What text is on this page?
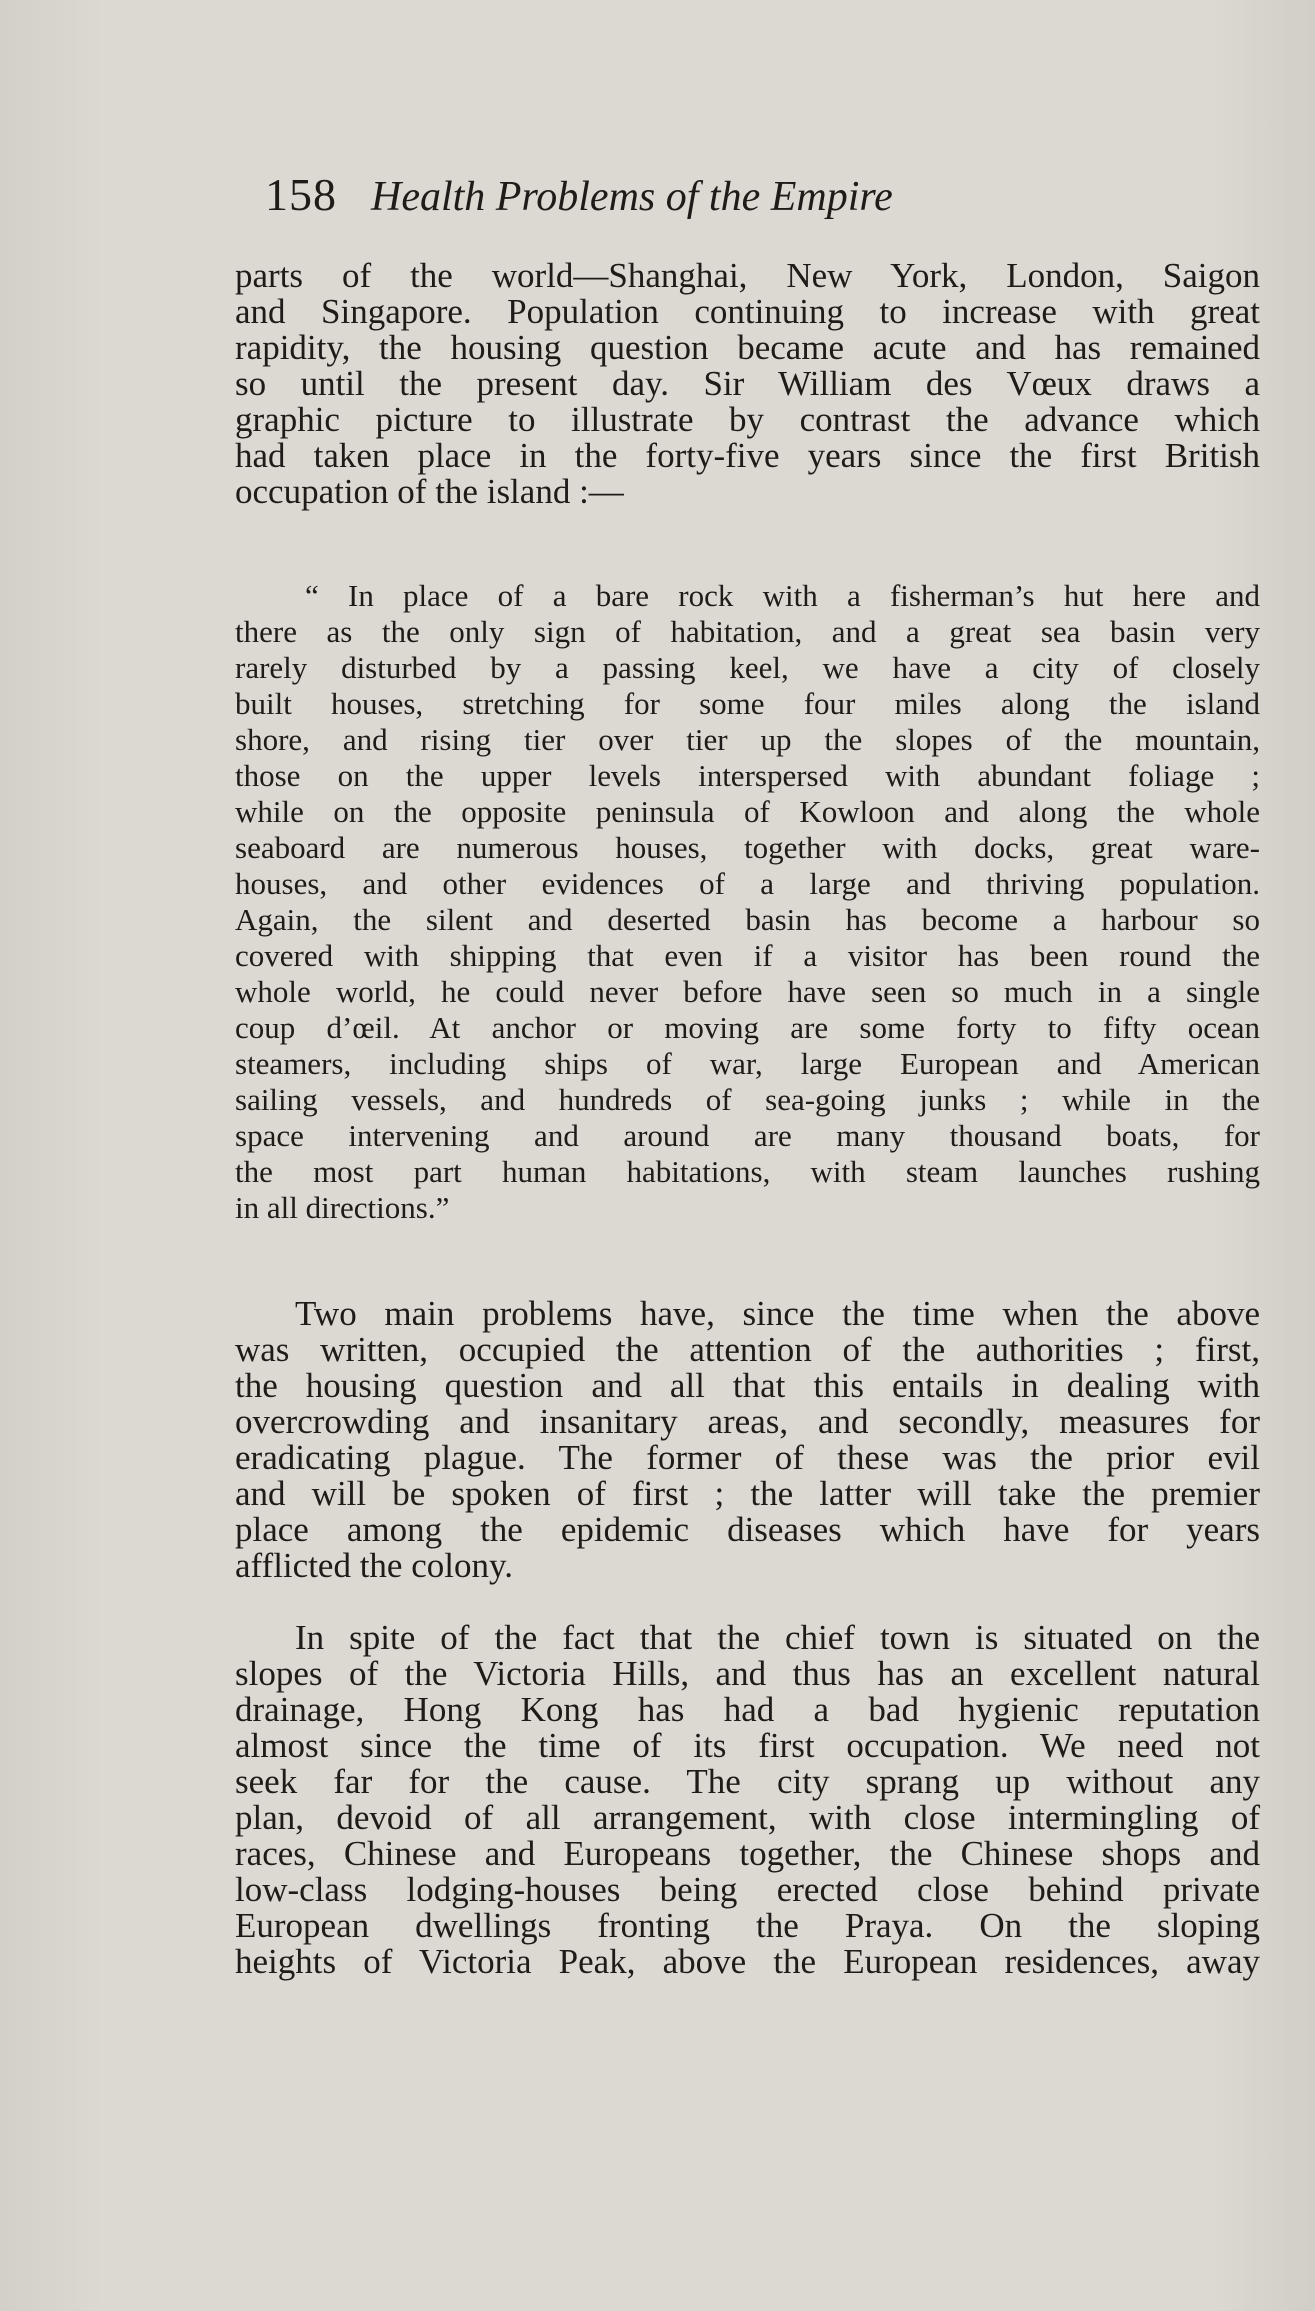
158 Health Problems of the Empire
parts of the world—Shanghai, New York, London, Saigon
and Singapore. Population continuing to increase with great
rapidity, the housing question became acute and has remained
so until the present day. Sir William des Vœux draws a
graphic picture to illustrate by contrast the advance which
had taken place in the forty-five years since the first British
occupation of the island :—
“ In place of a bare rock with a fisherman’s hut here and
there as the only sign of habitation, and a great sea basin very
rarely disturbed by a passing keel, we have a city of closely
built houses, stretching for some four miles along the island
shore, and rising tier over tier up the slopes of the mountain,
those on the upper levels interspersed with abundant foliage ;
while on the opposite peninsula of Kowloon and along the whole
seaboard are numerous houses, together with docks, great ware-
houses, and other evidences of a large and thriving population.
Again, the silent and deserted basin has become a harbour so
covered with shipping that even if a visitor has been round the
whole world, he could never before have seen so much in a single
coup d’œil. At anchor or moving are some forty to fifty ocean
steamers, including ships of war, large European and American
sailing vessels, and hundreds of sea-going junks ; while in the
space intervening and around are many thousand boats, for
the most part human habitations, with steam launches rushing
in all directions.”
Two main problems have, since the time when the above
was written, occupied the attention of the authorities ; first,
the housing question and all that this entails in dealing with
overcrowding and insanitary areas, and secondly, measures for
eradicating plague. The former of these was the prior evil
and will be spoken of first ; the latter will take the premier
place among the epidemic diseases which have for years
afflicted the colony.
In spite of the fact that the chief town is situated on the
slopes of the Victoria Hills, and thus has an excellent natural
drainage, Hong Kong has had a bad hygienic reputation
almost since the time of its first occupation. We need not
seek far for the cause. The city sprang up without any
plan, devoid of all arrangement, with close intermingling of
races, Chinese and Europeans together, the Chinese shops and
low-class lodging-houses being erected close behind private
European dwellings fronting the Praya. On the sloping
heights of Victoria Peak, above the European residences, away
